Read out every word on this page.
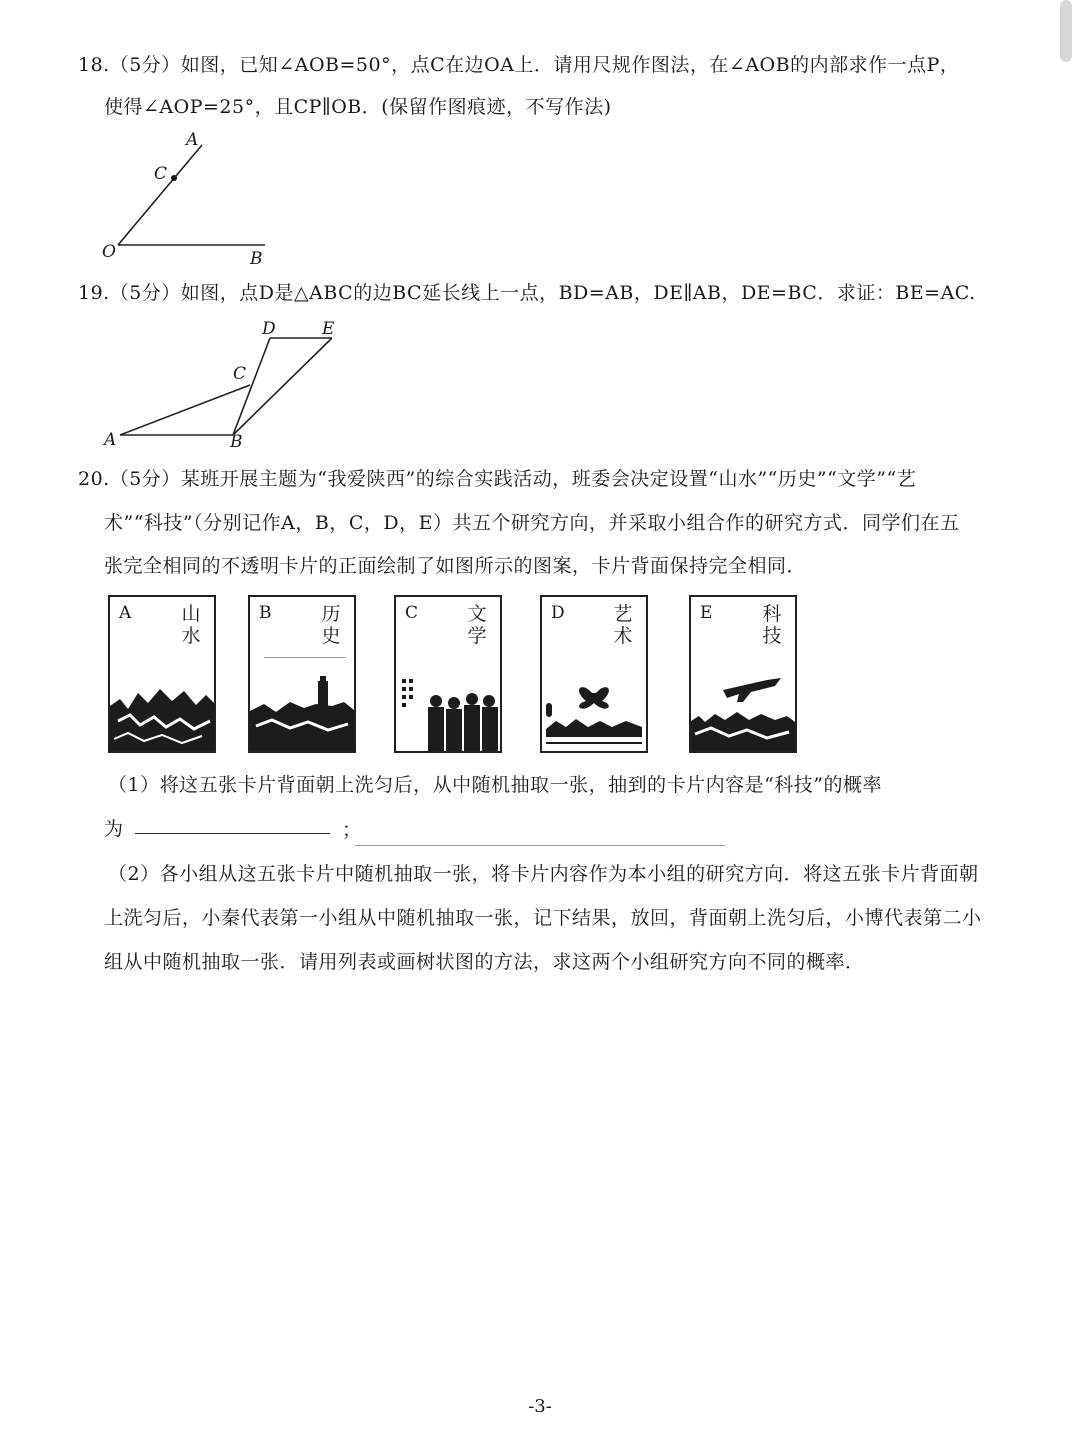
18.（5分）如图，已知∠AOB=50°，点C在边OA上．请用尺规作图法，在∠AOB的内部求作一点P，
使得∠AOP=25°，且CP∥OB．(保留作图痕迹，不写作法)
A
C
O	B
19.（5分）如图，点D是△ABC的边BC延长线上一点，BD=AB，DE∥AB，DE=BC．求证：BE=AC.
D	E
C
A	B
20.（5分）某班开展主题为“我爱陕西”的综合实践活动，班委会决定设置“山水”“历史”“文学”“艺
术”“科技”（分别记作A，B，C，D，E）共五个研究方向，并采取小组合作的研究方式．同学们在五
张完全相同的不透明卡片的正面绘制了如图所示的图案，卡片背面保持完全相同．
A	山水
B	历史
C	文学
D	艺术
E	科技
（1）将这五张卡片背面朝上洗匀后，从中随机抽取一张，抽到的卡片内容是“科技”的概率
为	；
（2）各小组从这五张卡片中随机抽取一张，将卡片内容作为本小组的研究方向．将这五张卡片背面朝
上洗匀后，小秦代表第一小组从中随机抽取一张，记下结果，放回，背面朝上洗匀后，小博代表第二小
组从中随机抽取一张．请用列表或画树状图的方法，求这两个小组研究方向不同的概率．
-3-
